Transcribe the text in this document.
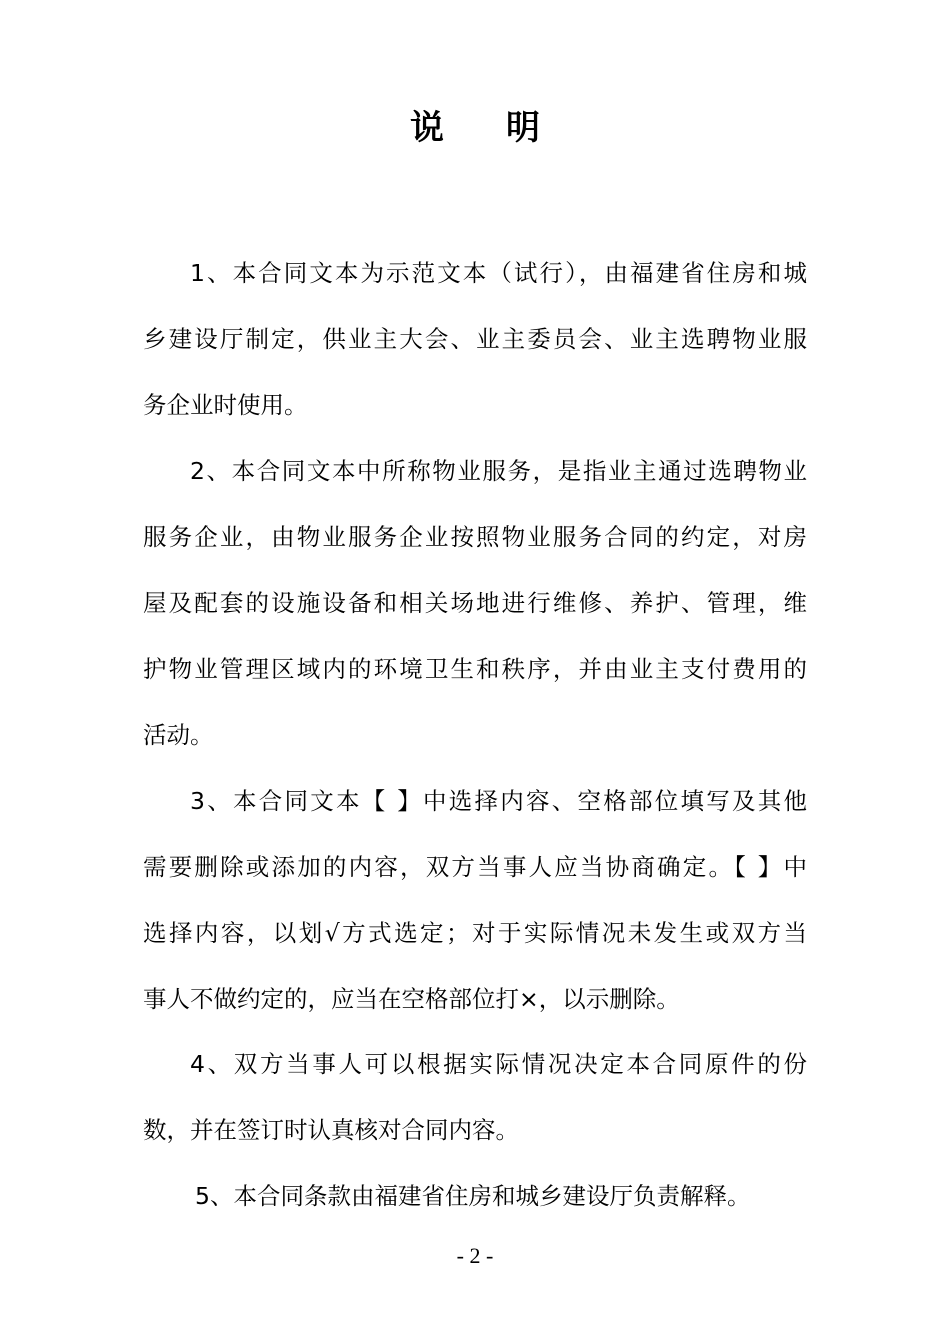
说 明
1、本合同文本为示范文本（试行），由福建省住房和城
乡建设厅制定，供业主大会、业主委员会、业主选聘物业服
务企业时使用。
2、本合同文本中所称物业服务，是指业主通过选聘物业
服务企业，由物业服务企业按照物业服务合同的约定，对房
屋及配套的设施设备和相关场地进行维修、养护、管理，维
护物业管理区域内的环境卫生和秩序，并由业主支付费用的
活动。
3、本合同文本【 】中选择内容、空格部位填写及其他
需要删除或添加的内容，双方当事人应当协商确定。【 】中
选择内容，以划√方式选定；对于实际情况未发生或双方当
事人不做约定的，应当在空格部位打×，以示删除。
4、双方当事人可以根据实际情况决定本合同原件的份
数，并在签订时认真核对合同内容。
5、本合同条款由福建省住房和城乡建设厅负责解释。
- 2 -
